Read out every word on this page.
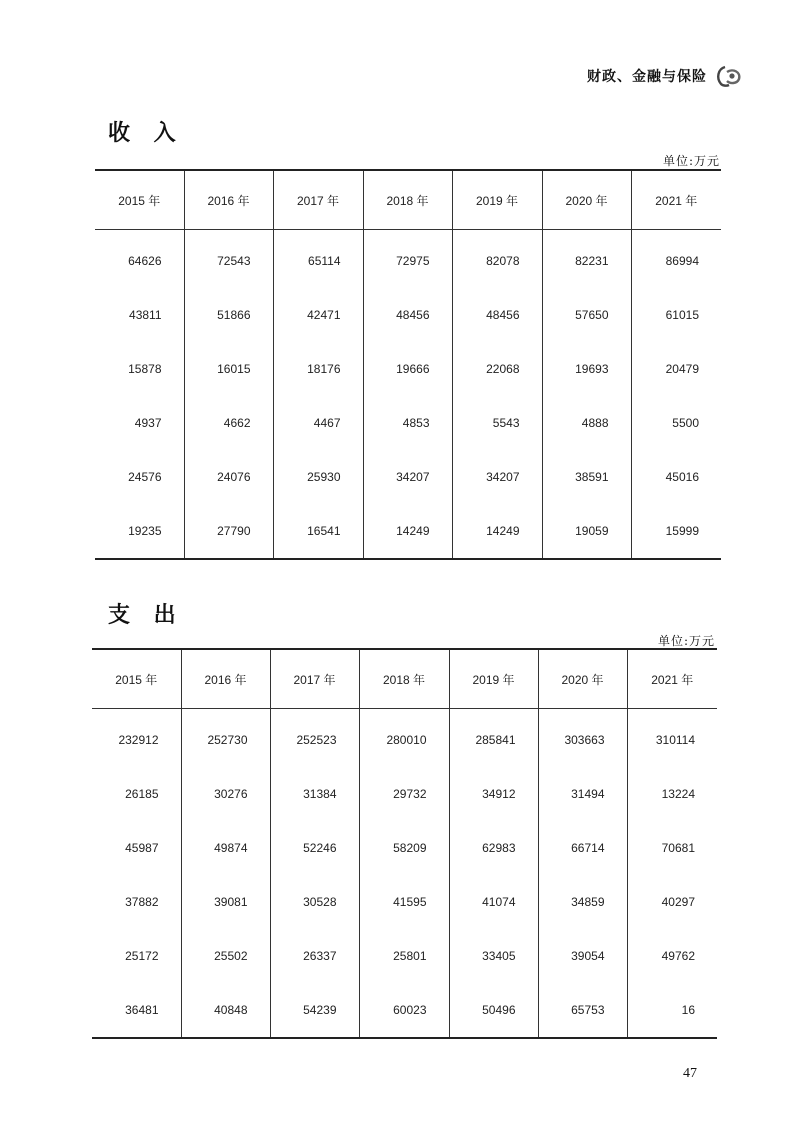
财政、金融与保险
收 入
单位:万元
2015 年	2016 年	2017 年	2018 年	2019 年	2020 年	2021 年
64626	72543	65114	72975	82078	82231	86994
43811	51866	42471	48456	48456	57650	61015
15878	16015	18176	19666	22068	19693	20479
4937	4662	4467	4853	5543	4888	5500
24576	24076	25930	34207	34207	38591	45016
19235	27790	16541	14249	14249	19059	15999
支 出
单位:万元
2015 年	2016 年	2017 年	2018 年	2019 年	2020 年	2021 年
232912	252730	252523	280010	285841	303663	310114
26185	30276	31384	29732	34912	31494	13224
45987	49874	52246	58209	62983	66714	70681
37882	39081	30528	41595	41074	34859	40297
25172	25502	26337	25801	33405	39054	49762
36481	40848	54239	60023	50496	65753	16
47
